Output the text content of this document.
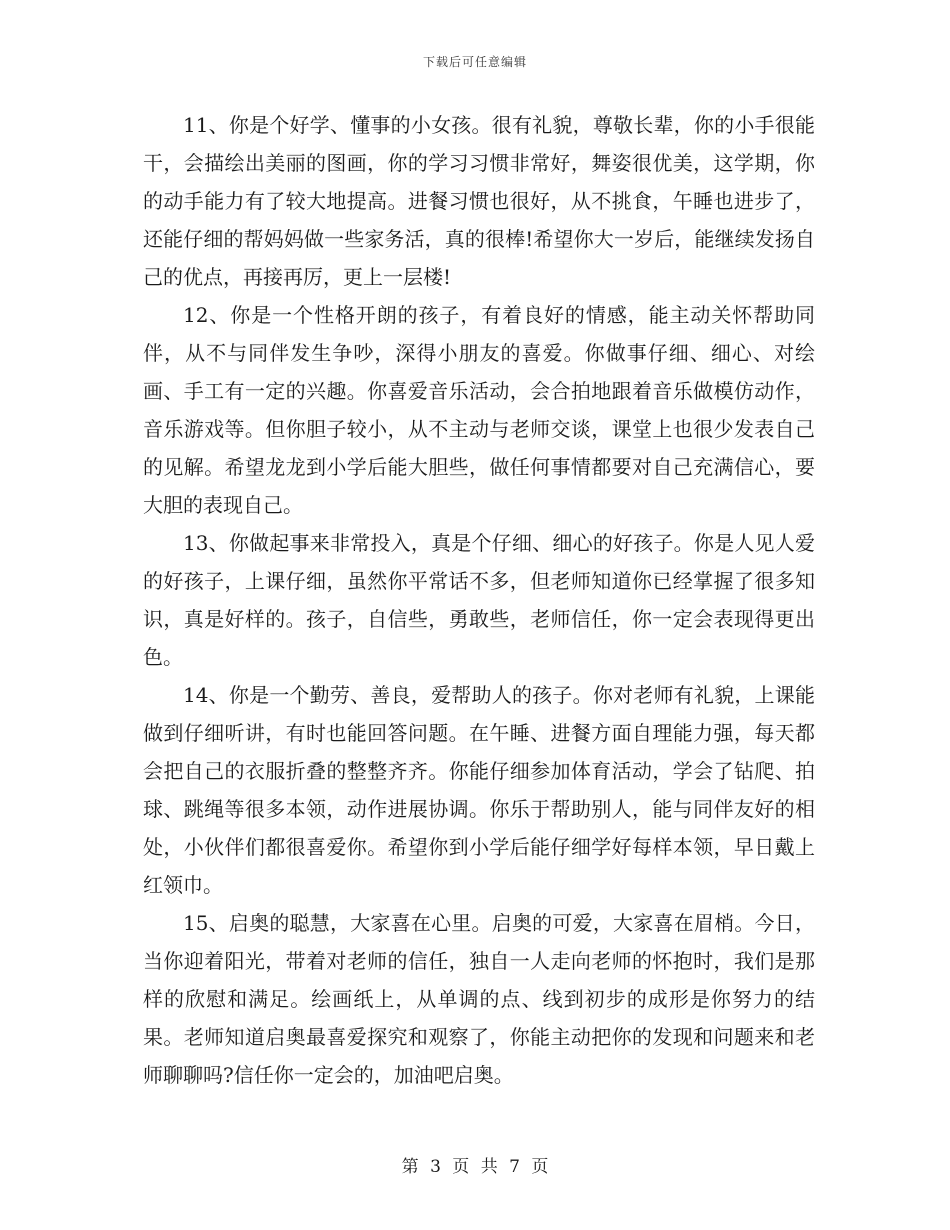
下载后可任意编辑

11、你是个好学、懂事的小女孩。很有礼貌，尊敬长辈，你的小手很能干，会描绘出美丽的图画，你的学习习惯非常好，舞姿很优美，这学期，你的动手能力有了较大地提高。进餐习惯也很好，从不挑食，午睡也进步了，还能仔细的帮妈妈做一些家务活，真的很棒!希望你大一岁后，能继续发扬自己的优点，再接再厉，更上一层楼!

12、你是一个性格开朗的孩子，有着良好的情感，能主动关怀帮助同伴，从不与同伴发生争吵，深得小朋友的喜爱。你做事仔细、细心、对绘画、手工有一定的兴趣。你喜爱音乐活动，会合拍地跟着音乐做模仿动作，音乐游戏等。但你胆子较小，从不主动与老师交谈，课堂上也很少发表自己的见解。希望龙龙到小学后能大胆些，做任何事情都要对自己充满信心，要大胆的表现自己。

13、你做起事来非常投入，真是个仔细、细心的好孩子。你是人见人爱的好孩子，上课仔细，虽然你平常话不多，但老师知道你已经掌握了很多知识，真是好样的。孩子，自信些，勇敢些，老师信任，你一定会表现得更出色。

14、你是一个勤劳、善良，爱帮助人的孩子。你对老师有礼貌，上课能做到仔细听讲，有时也能回答问题。在午睡、进餐方面自理能力强，每天都会把自己的衣服折叠的整整齐齐。你能仔细参加体育活动，学会了钻爬、拍球、跳绳等很多本领，动作进展协调。你乐于帮助别人，能与同伴友好的相处，小伙伴们都很喜爱你。希望你到小学后能仔细学好每样本领，早日戴上红领巾。

15、启奥的聪慧，大家喜在心里。启奥的可爱，大家喜在眉梢。今日，当你迎着阳光，带着对老师的信任，独自一人走向老师的怀抱时，我们是那样的欣慰和满足。绘画纸上，从单调的点、线到初步的成形是你努力的结果。老师知道启奥最喜爱探究和观察了，你能主动把你的发现和问题来和老师聊聊吗?信任你一定会的，加油吧启奥。

第 3 页 共 7 页
